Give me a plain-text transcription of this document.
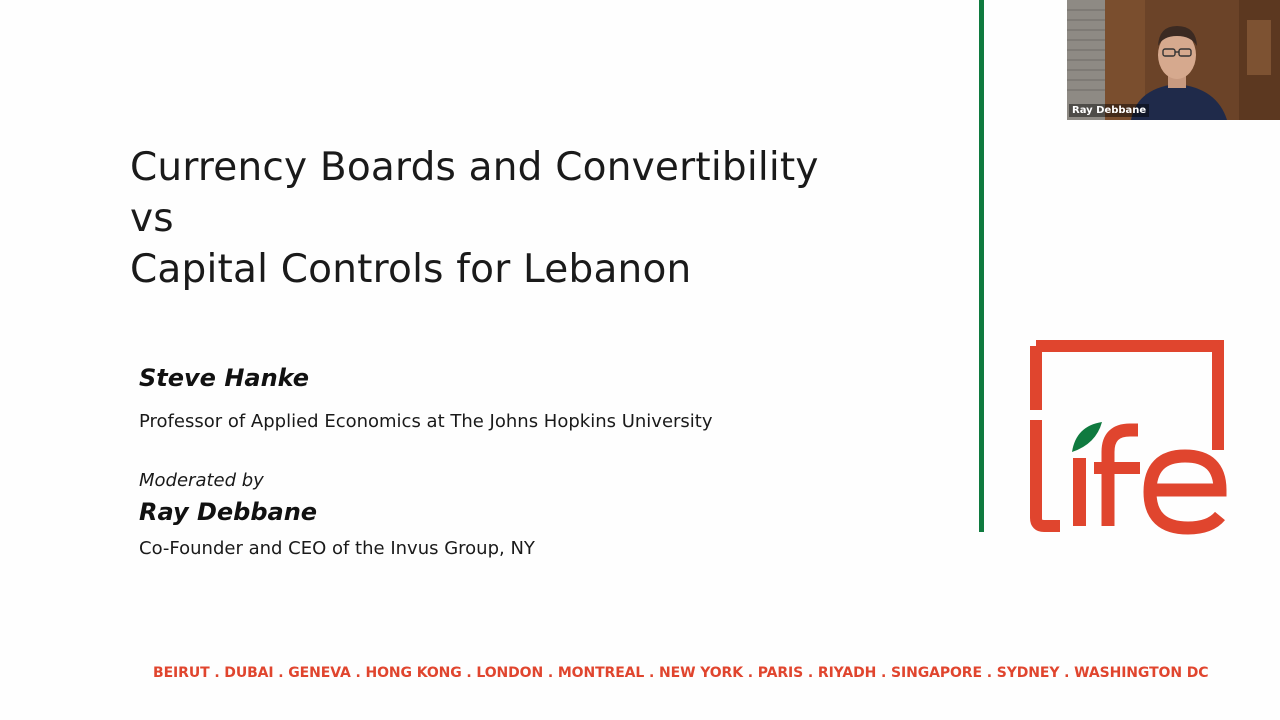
Currency Boards and Convertibility
vs
Capital Controls for Lebanon
Steve Hanke
Professor of Applied Economics at The Johns Hopkins University
Moderated by
Ray Debbane
Co-Founder and CEO of the Invus Group, NY
BEIRUT . DUBAI . GENEVA . HONG KONG . LONDON . MONTREAL . NEW YORK . PARIS . RIYADH . SINGAPORE . SYDNEY . WASHINGTON DC
Ray Debbane
